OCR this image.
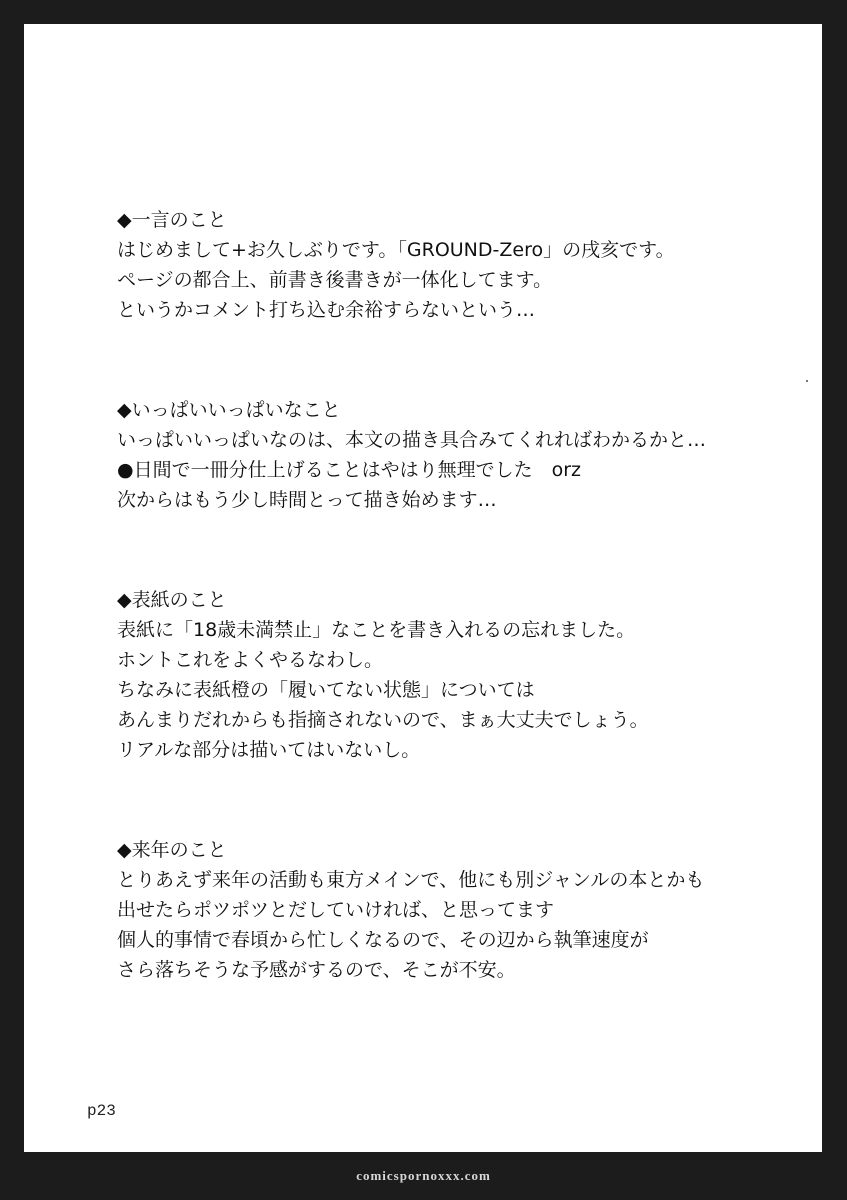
◆一言のこと
はじめまして+お久しぶりです。「GROUND-Zero」の戌亥です。
ページの都合上、前書き後書きが一体化してます。
というかコメント打ち込む余裕すらないという…
◆いっぱいいっぱいなこと
いっぱいいっぱいなのは、本文の描き具合みてくれればわかるかと…
●日間で一冊分仕上げることはやはり無理でした　orz
次からはもう少し時間とって描き始めます…
◆表紙のこと
表紙に「18歳未満禁止」なことを書き入れるの忘れました。
ホントこれをよくやるなわし。
ちなみに表紙橙の「履いてない状態」については
あんまりだれからも指摘されないので、まぁ大丈夫でしょう。
リアルな部分は描いてはいないし。
◆来年のこと
とりあえず来年の活動も東方メインで、他にも別ジャンルの本とかも
出せたらポツポツとだしていければ、と思ってます
個人的事情で春頃から忙しくなるので、その辺から執筆速度が
さら落ちそうな予感がするので、そこが不安。
p23
comicspornoxxx.com
